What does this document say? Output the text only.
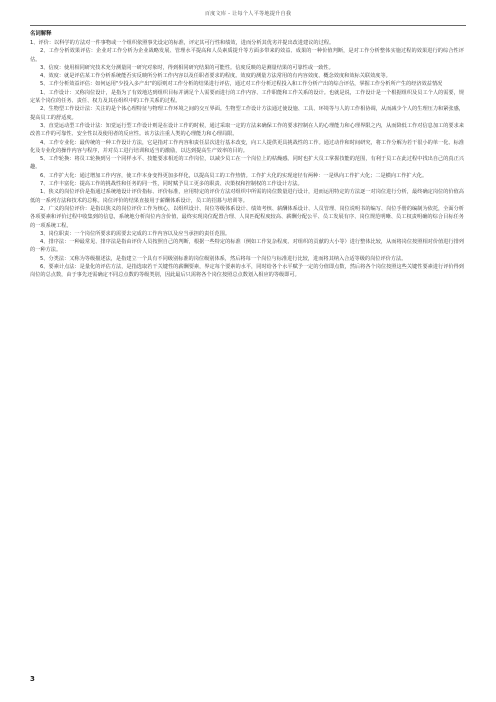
百度文库 - 让每个人平等地提升自我
名词解释

1、评价：以科学的方法对一件事物或一个组织依照事先设定的标准，评定其可行性和绩效，进而分析其优劣并提出改进建议的过程。

2、工作分析效果评估：企业对工作分析为企业战略发展、管理水平提高和人员素质提升等方面多带来的效益、成果的一种价值判断，是对工作分析整体实施过程的效果进行的综合性评估。

3、信度：使用相同研究技术充分测量同一研究对象时，得到相同研究结果的可能性。信度反映的是测量结果的可靠性或一致性。

4、效度：就是评估某工作分析系统能否实反映所分析工作内容以及任职者要求的程度。效度的测量方法常用的有内容效度、概念效度和效标关联效度等。

5、工作分析效益评估：如何运用"少投入多产出"的原则对工作分析的结果进行评估，通过对工作分析过程投入和工作分析产出的综合评估，掌握工作分析所产生的经济效益情况

1、工作设计：又称岗位设计，是指为了有效地达到组织目标并满足个人需要而进行的工作内容、工作职能和工作关系的设计。也就是说，工作设计是一个根据组织及员工个人的需要，规定某个岗位的任务、责任、权力及其在组织中的工作关系的过程。

2、生物型工作设计法：关注的是个体心理特征与物理工作环境之间的交互界面。生物型工作设计方法通过使设施、工具、环境等与人的工作相协调，从而减少个人的生理压力和紧张感，提高员工的舒适度。

3、直觉运动型工作设计法：知觉运行型工作设计则是在设计工作的时候，通过采取一定的方法来确保工作的要求控制在人的心理能力和心理界限之内，从而降低工作对信息加工的要求来改善工作的可靠性、安全性以及使用者的反应性。该方法注重人类的心理能力和心理局限。

4、工作专业化：最传统的一种工作设计方法，它是指对工作内容和责任层次进行基本改变，向工人提供更具挑战性的工作。通过动作和时间研究，将工作分解为若干很小的单一化、标准化及专业化的操作内容与程序，并对员工进行培训和适当的激励，以达到提高生产效率的目的。

5、工作轮换：将员工轮换到另一个同样水平、技能要求相近的工作岗位，以减少员工在一个岗位上的枯燥感。同时也扩大员工掌握技能的范围，有利于员工在此过程中找出自己的真正兴趣。

6、工作扩大化：通过增加工作内容，使工作本身变得更加多样化，以提高员工的工作热情。工作扩大化的实现途径有两种：一是纵向工作扩大化；二是横向工作扩大化。

7、工作丰富化：提高工作的挑战性和任务的同一性，同时赋予员工更多的职责、决策权和控制权的工作设计方法。

1、狭义的岗位评价是指通过系统地设计评价指标、评价标准，应用特定的评价方法对组织中所需的岗位数量进行设计，进而运用特定的方法逐一对岗位进行分析，最终确定岗位的价值高低的一系列方法和技术的总称。岗位评价的结果直接用于薪酬体系设计，员工的招募与培训等。

2、广义的岗位评价：是指以狭义的岗位评价工作为核心，以组织设计、岗位等级体系设计、绩效考核、薪酬体系设计、人员管理、岗位说明书的编写、岗位手册的编制为依托，全面分析各项要素和评价过程中收集到的信息，系统地分析岗位内含价值，最终实现岗位配置合理、人岗匹配程度较高、薪酬分配公平、员工发展有序、岗位规范明晰、员工权责明确的综合目标任务的一项系统工程。

3、岗位职责：一个岗位所要求的需要去完成的工作内容以及应当承担的责任范围。

4、排序法：一种最常见、排序法是指由评价人员按照自己的判断，根据一些特定的标准（例如工作复杂程度、对组织的贡献的大小等）进行整体比较，从而将岗位按照相对价值进行排列的一种方法。

5、分类法：又称为等级描述法，是指建立一个具有不同级别标准的岗位级别体系，然后将每一个岗位与标准进行比较，进而将其纳入合适等级的岗位评价方法。

6、要素计点法：是量化的评估方法，是指选取若干关键性的薪酬要素，界定每个要素的水平，同时给各个水平赋予一定的分值即点数，然后将各个岗位按照这些关键性要素进行评价得到岗位的总点数，由于事先还需确定不同总点数的等级类别，因此最后只需将各个岗位按照总点数划入相应的等级即可。

3
